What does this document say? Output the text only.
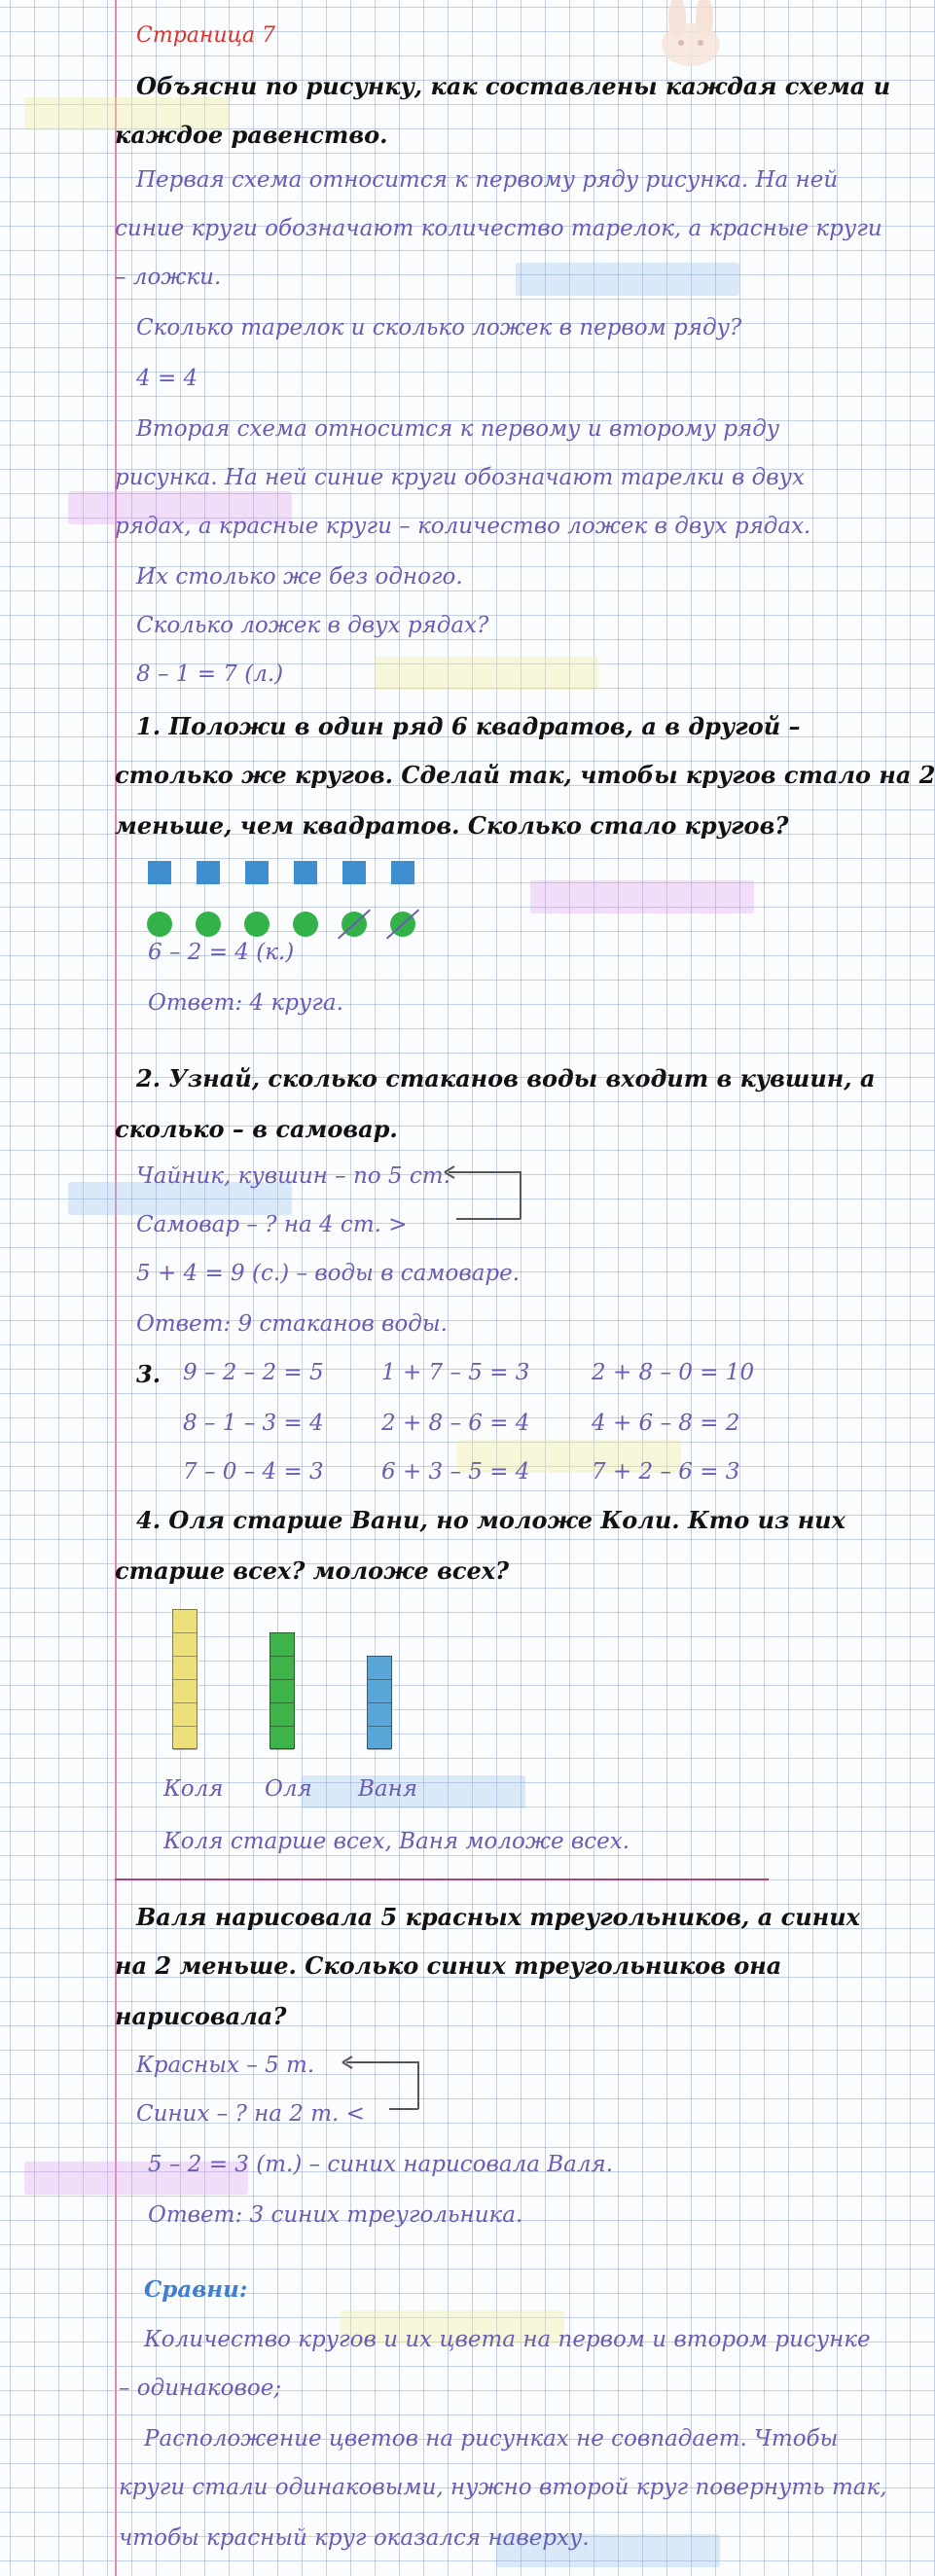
Страница 7
Объясни по рисунку, как составлены каждая схема и
каждое равенство.
Первая схема относится к первому ряду рисунка. На ней
синие круги обозначают количество тарелок, а красные круги
– ложки.
Сколько тарелок и сколько ложек в первом ряду?
4 = 4
Вторая схема относится к первому и второму ряду
рисунка. На ней синие круги обозначают тарелки в двух
рядах, а красные круги – количество ложек в двух рядах.
Их столько же без одного.
Сколько ложек в двух рядах?
8 – 1 = 7 (л.)
1. Положи в один ряд 6 квадратов, а в другой –
столько же кругов. Сделай так, чтобы кругов стало на 2
меньше, чем квадратов. Сколько стало кругов?
6 – 2 = 4 (к.)
Ответ: 4 круга.
2. Узнай, сколько стаканов воды входит в кувшин, а
сколько – в самовар.
Чайник, кувшин – по 5 ст.
Самовар – ? на 4 ст. >
5 + 4 = 9 (с.) – воды в самоваре.
Ответ: 9 стаканов воды.
3. 9 – 2 – 2 = 5
8 – 1 – 3 = 4
7 – 0 – 4 = 3
1 + 7 – 5 = 3
2 + 8 – 6 = 4
6 + 3 – 5 = 4
2 + 8 – 0 = 10
4 + 6 – 8 = 2
7 + 2 – 6 = 3
4. Оля старше Вани, но моложе Коли. Кто из них
старше всех? моложе всех?
Коля Оля Ваня
Коля старше всех, Ваня моложе всех.
Валя нарисовала 5 красных треугольников, а синих
на 2 меньше. Сколько синих треугольников она
нарисовала?
Красных – 5 т.
Синих – ? на 2 т. <
5 – 2 = 3 (т.) – синих нарисовала Валя.
Ответ: 3 синих треугольника.
Сравни:
Количество кругов и их цвета на первом и втором рисунке
– одинаковое;
Расположение цветов на рисунках не совпадает. Чтобы
круги стали одинаковыми, нужно второй круг повернуть так,
чтобы красный круг оказался наверху.
